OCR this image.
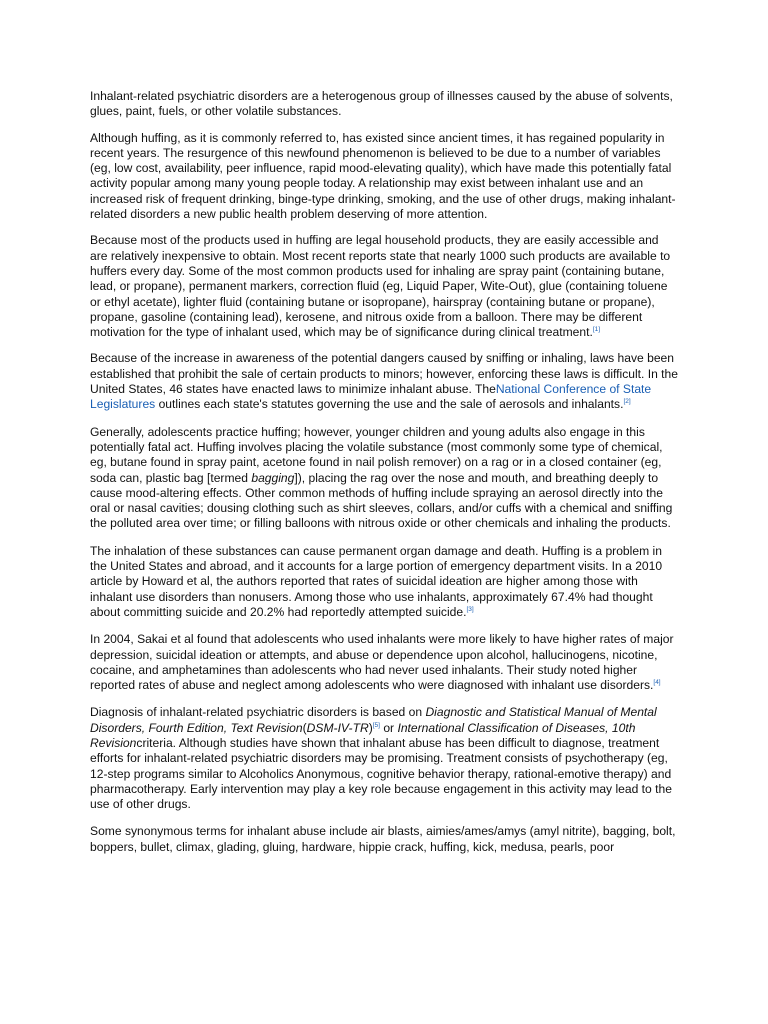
Inhalant-related psychiatric disorders are a heterogenous group of illnesses caused by the abuse of solvents, glues, paint, fuels, or other volatile substances.

Although huffing, as it is commonly referred to, has existed since ancient times, it has regained popularity in recent years. The resurgence of this newfound phenomenon is believed to be due to a number of variables (eg, low cost, availability, peer influence, rapid mood-elevating quality), which have made this potentially fatal activity popular among many young people today. A relationship may exist between inhalant use and an increased risk of frequent drinking, binge-type drinking, smoking, and the use of other drugs, making inhalant-related disorders a new public health problem deserving of more attention.

Because most of the products used in huffing are legal household products, they are easily accessible and are relatively inexpensive to obtain. Most recent reports state that nearly 1000 such products are available to huffers every day. Some of the most common products used for inhaling are spray paint (containing butane, lead, or propane), permanent markers, correction fluid (eg, Liquid Paper, Wite-Out), glue (containing toluene or ethyl acetate), lighter fluid (containing butane or isopropane), hairspray (containing butane or propane), propane, gasoline (containing lead), kerosene, and nitrous oxide from a balloon. There may be different motivation for the type of inhalant used, which may be of significance during clinical treatment.[1]

Because of the increase in awareness of the potential dangers caused by sniffing or inhaling, laws have been established that prohibit the sale of certain products to minors; however, enforcing these laws is difficult. In the United States, 46 states have enacted laws to minimize inhalant abuse. TheNational Conference of State Legislatures outlines each state's statutes governing the use and the sale of aerosols and inhalants.[2]

Generally, adolescents practice huffing; however, younger children and young adults also engage in this potentially fatal act. Huffing involves placing the volatile substance (most commonly some type of chemical, eg, butane found in spray paint, acetone found in nail polish remover) on a rag or in a closed container (eg, soda can, plastic bag [termed bagging]), placing the rag over the nose and mouth, and breathing deeply to cause mood-altering effects. Other common methods of huffing include spraying an aerosol directly into the oral or nasal cavities; dousing clothing such as shirt sleeves, collars, and/or cuffs with a chemical and sniffing the polluted area over time; or filling balloons with nitrous oxide or other chemicals and inhaling the products.

The inhalation of these substances can cause permanent organ damage and death. Huffing is a problem in the United States and abroad, and it accounts for a large portion of emergency department visits. In a 2010 article by Howard et al, the authors reported that rates of suicidal ideation are higher among those with inhalant use disorders than nonusers. Among those who use inhalants, approximately 67.4% had thought about committing suicide and 20.2% had reportedly attempted suicide.[3]

In 2004, Sakai et al found that adolescents who used inhalants were more likely to have higher rates of major depression, suicidal ideation or attempts, and abuse or dependence upon alcohol, hallucinogens, nicotine, cocaine, and amphetamines than adolescents who had never used inhalants. Their study noted higher reported rates of abuse and neglect among adolescents who were diagnosed with inhalant use disorders.[4]

Diagnosis of inhalant-related psychiatric disorders is based on Diagnostic and Statistical Manual of Mental Disorders, Fourth Edition, Text Revision(DSM-IV-TR)[5] or International Classification of Diseases, 10th Revisioncriteria. Although studies have shown that inhalant abuse has been difficult to diagnose, treatment efforts for inhalant-related psychiatric disorders may be promising. Treatment consists of psychotherapy (eg, 12-step programs similar to Alcoholics Anonymous, cognitive behavior therapy, rational-emotive therapy) and pharmacotherapy. Early intervention may play a key role because engagement in this activity may lead to the use of other drugs.

Some synonymous terms for inhalant abuse include air blasts, aimies/ames/amys (amyl nitrite), bagging, bolt, boppers, bullet, climax, glading, gluing, hardware, hippie crack, huffing, kick, medusa, pearls, poor
